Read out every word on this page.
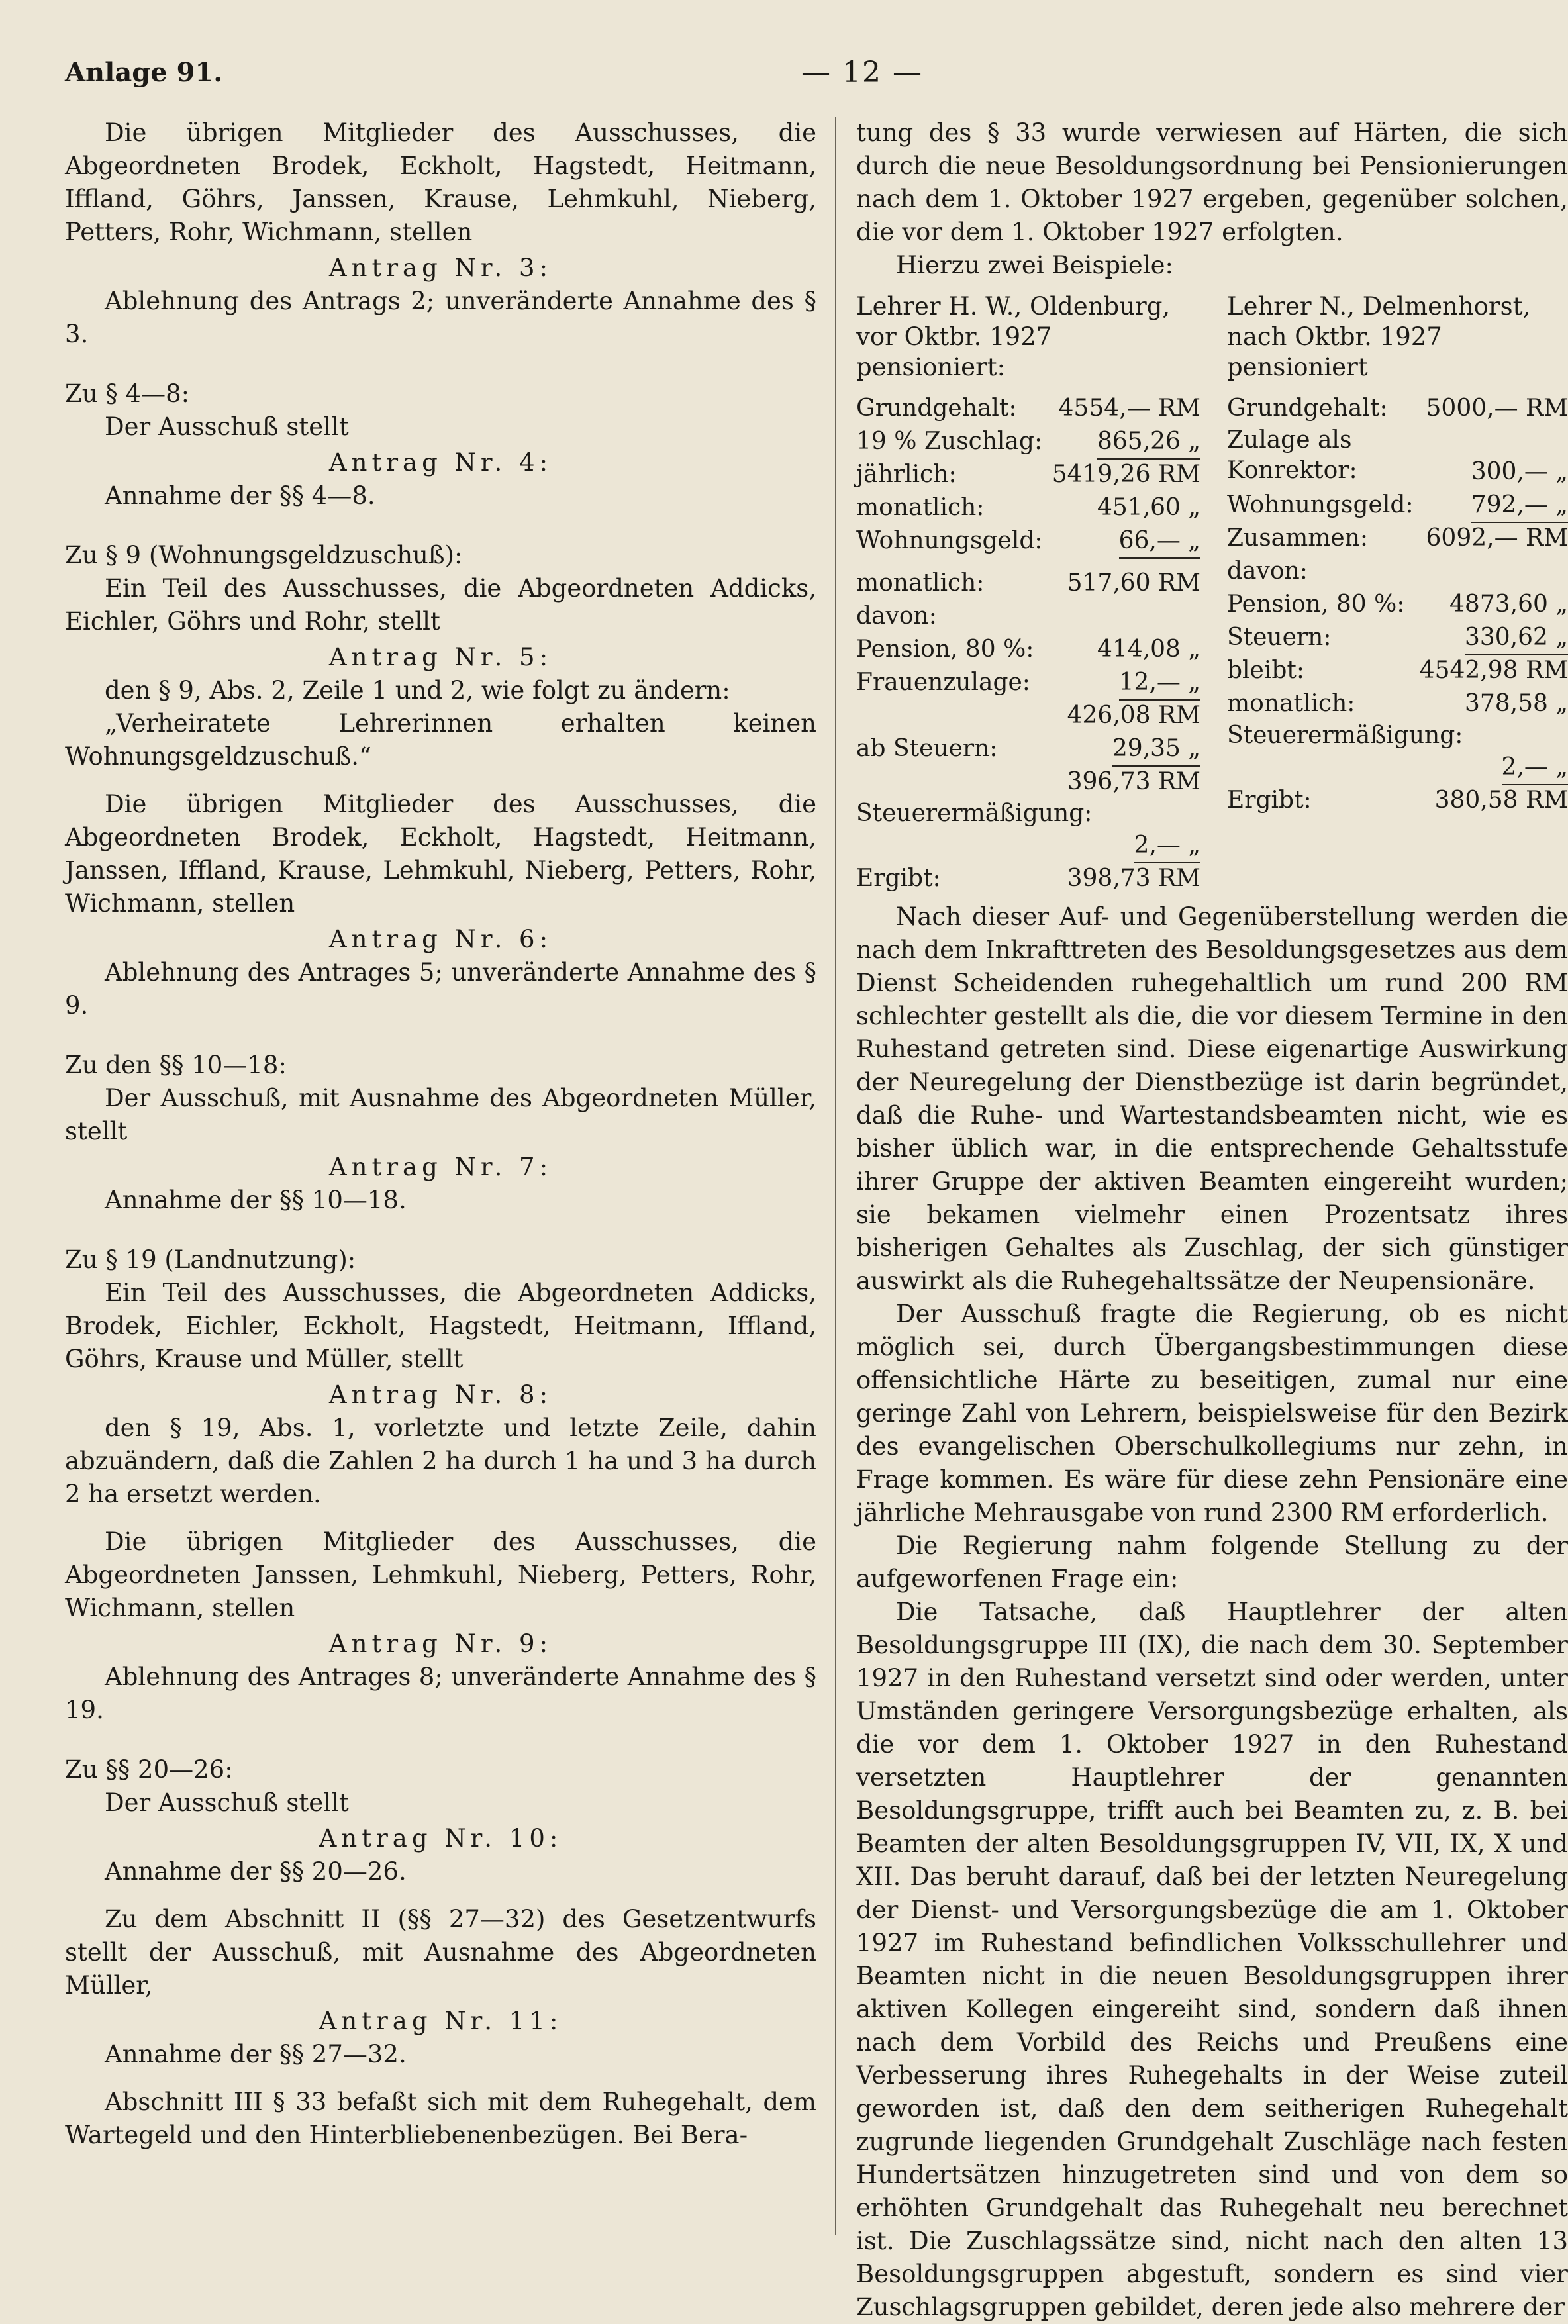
Anlage 91.	— 12 —

Die übrigen Mitglieder des Ausschusses, die Abgeordneten Brodek, Eckholt, Hagstedt, Heitmann, Iffland, Göhrs, Janssen, Krause, Lehmkuhl, Nieberg, Petters, Rohr, Wichmann, stellen

Antrag Nr. 3:

Ablehnung des Antrags 2; unveränderte Annahme des § 3.

Zu § 4—8:

Der Ausschuß stellt

Antrag Nr. 4:

Annahme der §§ 4—8.

Zu § 9 (Wohnungsgeldzuschuß):

Ein Teil des Ausschusses, die Abgeordneten Addicks, Eichler, Göhrs und Rohr, stellt

Antrag Nr. 5:

den § 9, Abs. 2, Zeile 1 und 2, wie folgt zu ändern:

„Verheiratete Lehrerinnen erhalten keinen Wohnungsgeldzuschuß.“

Die übrigen Mitglieder des Ausschusses, die Abgeordneten Brodek, Eckholt, Hagstedt, Heitmann, Janssen, Iffland, Krause, Lehmkuhl, Nieberg, Petters, Rohr, Wichmann, stellen

Antrag Nr. 6:

Ablehnung des Antrages 5; unveränderte Annahme des § 9.

Zu den §§ 10—18:

Der Ausschuß, mit Ausnahme des Abgeordneten Müller, stellt

Antrag Nr. 7:

Annahme der §§ 10—18.

Zu § 19 (Landnutzung):

Ein Teil des Ausschusses, die Abgeordneten Addicks, Brodek, Eichler, Eckholt, Hagstedt, Heitmann, Iffland, Göhrs, Krause und Müller, stellt

Antrag Nr. 8:

den § 19, Abs. 1, vorletzte und letzte Zeile, dahin abzuändern, daß die Zahlen 2 ha durch 1 ha und 3 ha durch 2 ha ersetzt werden.

Die übrigen Mitglieder des Ausschusses, die Abgeordneten Janssen, Lehmkuhl, Nieberg, Petters, Rohr, Wichmann, stellen

Antrag Nr. 9:

Ablehnung des Antrages 8; unveränderte Annahme des § 19.

Zu §§ 20—26:

Der Ausschuß stellt

Antrag Nr. 10:

Annahme der §§ 20—26.

Zu dem Abschnitt II (§§ 27—32) des Gesetzentwurfs stellt der Ausschuß, mit Ausnahme des Abgeordneten Müller,

Antrag Nr. 11:

Annahme der §§ 27—32.

Abschnitt III § 33 befaßt sich mit dem Ruhegehalt, dem Wartegeld und den Hinterbliebenenbezügen. Bei Bera-

tung des § 33 wurde verwiesen auf Härten, die sich durch die neue Besoldungsordnung bei Pensionierungen nach dem 1. Oktober 1927 ergeben, gegenüber solchen, die vor dem 1. Oktober 1927 erfolgten.

Hierzu zwei Beispiele:

Lehrer H. W., Oldenburg,
vor Oktbr. 1927 pensioniert:
Grundgehalt: 4554,— RM
19 % Zuschlag: 865,26 „
jährlich:	5419,26 RM
monatlich:	451,60 „
Wohnungsgeld:	66,— „
monatlich:	517,60 RM
davon:
Pension, 80 %:	414,08 „
Frauenzulage:	12,— „
426,08 RM
ab Steuern:	29,35 „
396,73 RM
Steuerermäßigung:
2,— „
Ergibt:	398,73 RM
Lehrer N., Delmenhorst,
nach Oktbr. 1927 pensioniert
Grundgehalt: 5000,— RM
Zulage als Konrektor:	300,— „
Wohnungsgeld: 792,— „
Zusammen: 6092,— RM
davon:
Pension, 80 %: 4873,60 „
Steuern:	330,62 „
bleibt:	4542,98 RM
monatlich:	378,58 „
Steuerermäßigung:
2,— „
Ergibt:	380,58 RM

Nach dieser Auf- und Gegenüberstellung werden die nach dem Inkrafttreten des Besoldungsgesetzes aus dem Dienst Scheidenden ruhegehaltlich um rund 200 RM schlechter gestellt als die, die vor diesem Termine in den Ruhestand getreten sind. Diese eigenartige Auswirkung der Neuregelung der Dienstbezüge ist darin begründet, daß die Ruhe- und Wartestandsbeamten nicht, wie es bisher üblich war, in die entsprechende Gehaltsstufe ihrer Gruppe der aktiven Beamten eingereiht wurden; sie bekamen vielmehr einen Prozentsatz ihres bisherigen Gehaltes als Zuschlag, der sich günstiger auswirkt als die Ruhegehaltssätze der Neupensionäre.

Der Ausschuß fragte die Regierung, ob es nicht möglich sei, durch Übergangsbestimmungen diese offensichtliche Härte zu beseitigen, zumal nur eine geringe Zahl von Lehrern, beispielsweise für den Bezirk des evangelischen Oberschulkollegiums nur zehn, in Frage kommen. Es wäre für diese zehn Pensionäre eine jährliche Mehrausgabe von rund 2300 RM erforderlich.

Die Regierung nahm folgende Stellung zu der aufgeworfenen Frage ein:

Die Tatsache, daß Hauptlehrer der alten Besoldungsgruppe III (IX), die nach dem 30. September 1927 in den Ruhestand versetzt sind oder werden, unter Umständen geringere Versorgungsbezüge erhalten, als die vor dem 1. Oktober 1927 in den Ruhestand versetzten Hauptlehrer der genannten Besoldungsgruppe, trifft auch bei Beamten zu, z. B. bei Beamten der alten Besoldungsgruppen IV, VII, IX, X und XII. Das beruht darauf, daß bei der letzten Neuregelung der Dienst- und Versorgungsbezüge die am 1. Oktober 1927 im Ruhestand befindlichen Volksschullehrer und Beamten nicht in die neuen Besoldungsgruppen ihrer aktiven Kollegen eingereiht sind, sondern daß ihnen nach dem Vorbild des Reichs und Preußens eine Verbesserung ihres Ruhegehalts in der Weise zuteil geworden ist, daß den dem seitherigen Ruhegehalt zugrunde liegenden Grundgehalt Zuschläge nach festen Hundertsätzen hinzugetreten sind und von dem so erhöhten Grundgehalt das Ruhegehalt neu berechnet ist. Die Zuschlagssätze sind, nicht nach den alten 13 Besoldungsgruppen abgestuft, sondern es sind vier Zuschlagsgruppen gebildet, deren jede also mehrere der
